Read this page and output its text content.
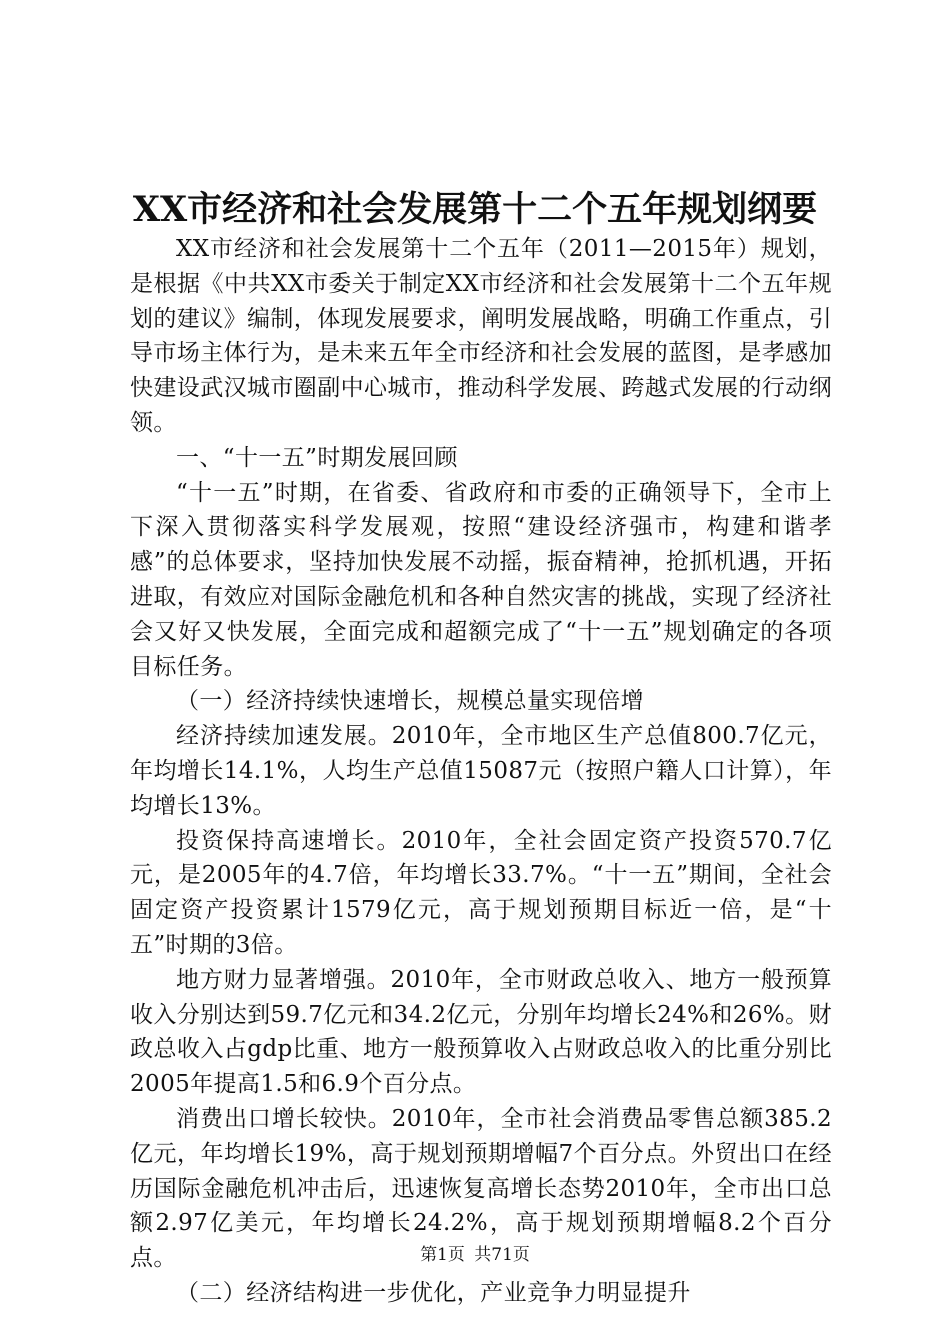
XX市经济和社会发展第十二个五年规划纲要

XX市经济和社会发展第十二个五年（2011—2015年）规划，是根据《中共XX市委关于制定XX市经济和社会发展第十二个五年规划的建议》编制，体现发展要求，阐明发展战略，明确工作重点，引导市场主体行为，是未来五年全市经济和社会发展的蓝图，是孝感加快建设武汉城市圈副中心城市，推动科学发展、跨越式发展的行动纲领。

一、“十一五”时期发展回顾

“十一五”时期，在省委、省政府和市委的正确领导下，全市上下深入贯彻落实科学发展观，按照“建设经济强市，构建和谐孝感”的总体要求，坚持加快发展不动摇，振奋精神，抢抓机遇，开拓进取，有效应对国际金融危机和各种自然灾害的挑战，实现了经济社会又好又快发展，全面完成和超额完成了“十一五”规划确定的各项目标任务。

（一）经济持续快速增长，规模总量实现倍增

经济持续加速发展。2010年，全市地区生产总值800.7亿元，年均增长14.1%，人均生产总值15087元（按照户籍人口计算），年均增长13%。

投资保持高速增长。2010年，全社会固定资产投资570.7亿元，是2005年的4.7倍，年均增长33.7%。“十一五”期间，全社会固定资产投资累计1579亿元，高于规划预期目标近一倍，是“十五”时期的3倍。

地方财力显著增强。2010年，全市财政总收入、地方一般预算收入分别达到59.7亿元和34.2亿元，分别年均增长24%和26%。财政总收入占gdp比重、地方一般预算收入占财政总收入的比重分别比2005年提高1.5和6.9个百分点。

消费出口增长较快。2010年，全市社会消费品零售总额385.2亿元，年均增长19%，高于规划预期增幅7个百分点。外贸出口在经历国际金融危机冲击后，迅速恢复高增长态势2010年，全市出口总额2.97亿美元，年均增长24.2%，高于规划预期增幅8.2个百分点。

（二）经济结构进一步优化，产业竞争力明显提升

第1页 共71页
